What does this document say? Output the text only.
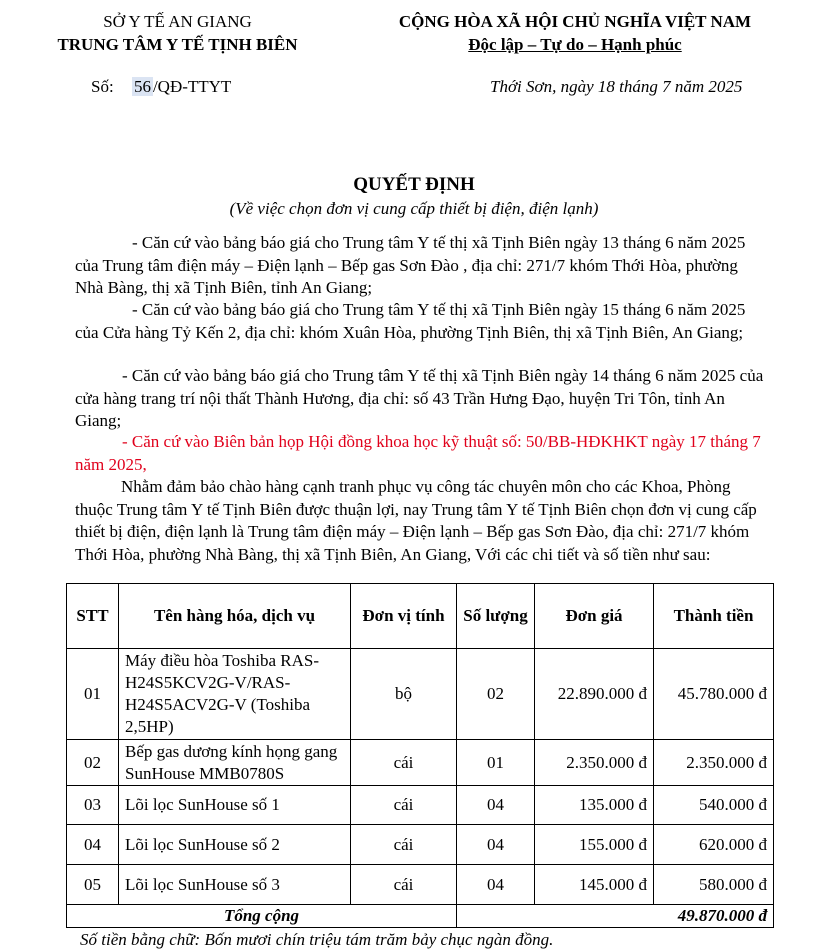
SỞ Y TẾ AN GIANG
TRUNG TÂM Y TẾ TỊNH BIÊN
CỘNG HÒA XÃ HỘI CHỦ NGHĨA VIỆT NAM
Độc lập – Tự do – Hạnh phúc
Số: 56 /QĐ-TTYT	Thới Sơn, ngày 18 tháng 7 năm 2025
QUYẾT ĐỊNH
(Về việc chọn đơn vị cung cấp thiết bị điện, điện lạnh)
- Căn cứ vào bảng báo giá cho Trung tâm Y tế thị xã Tịnh Biên ngày 13 tháng 6 năm 2025 của Trung tâm điện máy – Điện lạnh – Bếp gas Sơn Đào , địa chỉ: 271/7 khóm Thới Hòa, phường Nhà Bàng, thị xã Tịnh Biên, tỉnh An Giang;
- Căn cứ vào bảng báo giá cho Trung tâm Y tế thị xã Tịnh Biên ngày 15 tháng 6 năm 2025 của Cửa hàng Tỷ Kến 2, địa chỉ: khóm Xuân Hòa, phường Tịnh Biên, thị xã Tịnh Biên, An Giang;
- Căn cứ vào bảng báo giá cho Trung tâm Y tế thị xã Tịnh Biên ngày 14 tháng 6 năm 2025 của cửa hàng trang trí nội thất Thành Hương, địa chỉ: số 43 Trần Hưng Đạo, huyện Tri Tôn, tỉnh An Giang;
- Căn cứ vào Biên bản họp Hội đồng khoa học kỹ thuật số: 50/BB-HĐKHKT ngày 17 tháng 7 năm 2025,
Nhằm đảm bảo chào hàng cạnh tranh phục vụ công tác chuyên môn cho các Khoa, Phòng thuộc Trung tâm Y tế Tịnh Biên được thuận lợi, nay Trung tâm Y tế Tịnh Biên chọn đơn vị cung cấp thiết bị điện, điện lạnh là Trung tâm điện máy – Điện lạnh – Bếp gas Sơn Đào, địa chỉ: 271/7 khóm Thới Hòa, phường Nhà Bàng, thị xã Tịnh Biên, An Giang, Với các chi tiết và số tiền như sau:
STT	Tên hàng hóa, dịch vụ	Đơn vị tính	Số lượng	Đơn giá	Thành tiền
01	Máy điều hòa Toshiba RAS-H24S5KCV2G-V/RAS-H24S5ACV2G-V (Toshiba 2,5HP)	bộ	02	22.890.000 đ	45.780.000 đ
02	Bếp gas dương kính họng gang SunHouse MMB0780S	cái	01	2.350.000 đ	2.350.000 đ
03	Lõi lọc SunHouse số 1	cái	04	135.000 đ	540.000 đ
04	Lõi lọc SunHouse số 2	cái	04	155.000 đ	620.000 đ
05	Lõi lọc SunHouse số 3	cái	04	145.000 đ	580.000 đ
Tổng cộng			49.870.000 đ		
Số tiền bằng chữ: Bốn mươi chín triệu tám trăm bảy chục ngàn đồng.
